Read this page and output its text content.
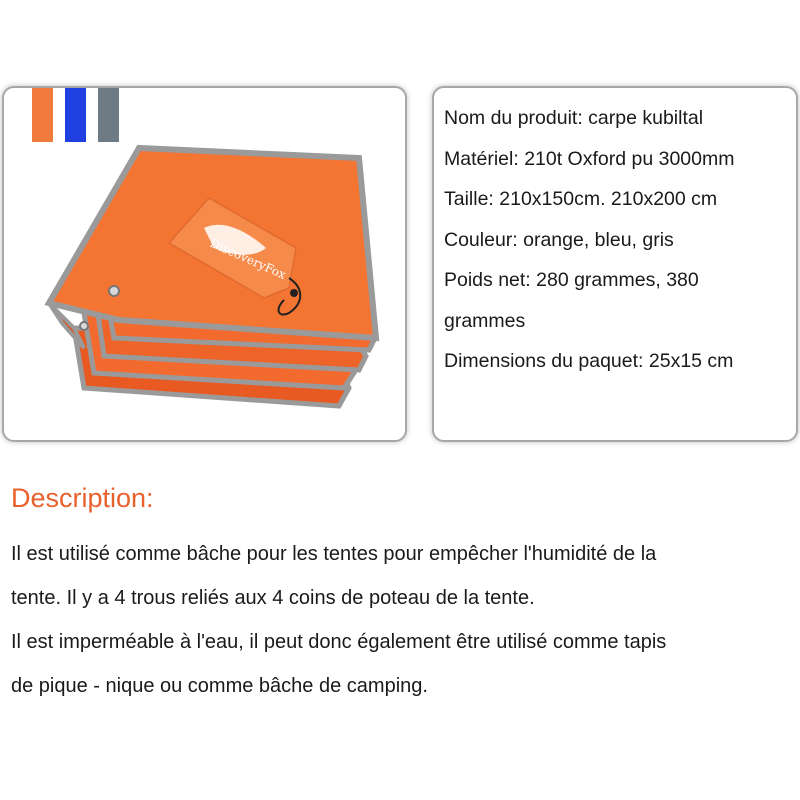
DiscoveryFox

Nom du produit: carpe kubiltal

Matériel: 210t Oxford pu 3000mm

Taille: 210x150cm. 210x200 cm

Couleur: orange, bleu, gris

Poids net: 280 grammes, 380 grammes

Dimensions du paquet: 25x15 cm

Description:

Il est utilisé comme bâche pour les tentes pour empêcher l'humidité de la

tente. Il y a 4 trous reliés aux 4 coins de poteau de la tente.

Il est imperméable à l'eau, il peut donc également être utilisé comme tapis

de pique - nique ou comme bâche de camping.
